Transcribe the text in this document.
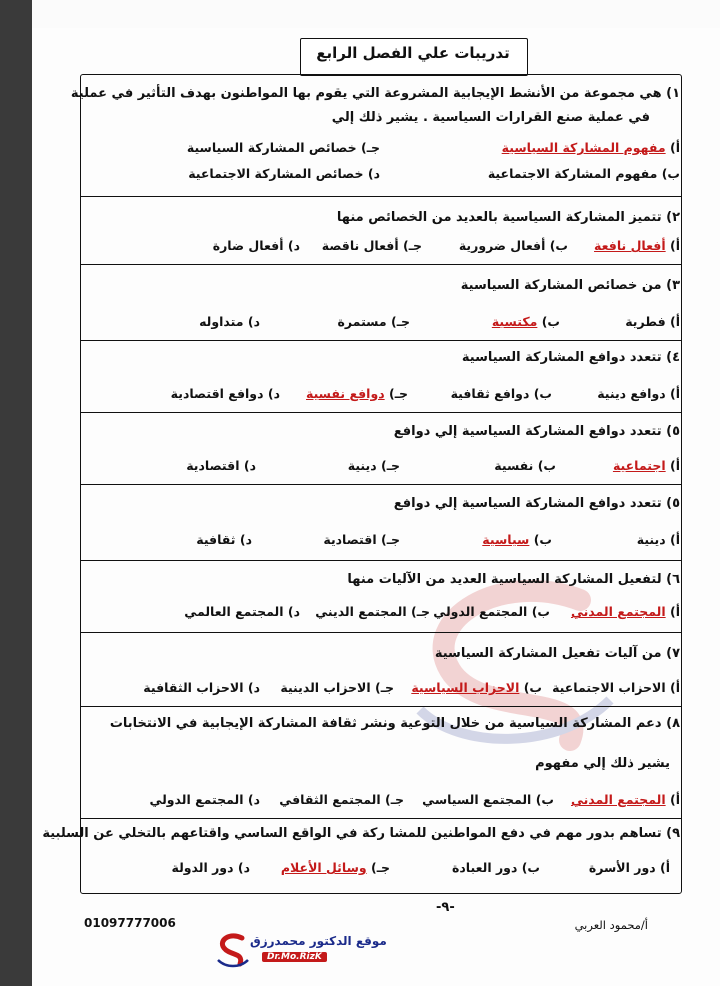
تدريبات علي الفصل الرابع
١) هي مجموعة من الأنشط الإيجابية المشروعة التي يقوم بها المواطنون بهدف التأثير في عملية
في عملية صنع القرارات السياسية . يشير ذلك إلي
أ) مفهوم المشاركة السياسية
جـ) خصائص المشاركة السياسية
ب) مفهوم المشاركة الاجتماعية
د) خصائص المشاركة الاجتماعية
٢) تتميز المشاركة السياسية بالعديد من الخصائص منها
أ) أفعال نافعة
ب) أفعال ضرورية
جـ) أفعال ناقصة
د) أفعال ضارة
٣) من خصائص المشاركة السياسية
أ) فطرية
ب) مكتسبة
جـ) مستمرة
د) متداوله
٤) تتعدد دوافع المشاركة السياسية
أ) دوافع دينية
ب) دوافع ثقافية
جـ) دوافع نفسية
د) دوافع اقتصادية
٥) تتعدد دوافع المشاركة السياسية إلي دوافع
أ) اجتماعية
ب) نفسية
جـ) دينية
د) اقتصادية
٥) تتعدد دوافع المشاركة السياسية إلي دوافع
أ) دينية
ب) سياسية
جـ) اقتصادية
د) ثقافية
٦) لتفعيل المشاركة السياسية العديد من الآليات منها
أ) المجتمع المدني
ب) المجتمع الدولي
جـ) المجتمع الديني
د) المجتمع العالمي
٧) من آليات تفعيل المشاركة السياسية
أ) الاحزاب الاجتماعية
ب) الاحزاب السياسية
جـ) الاحزاب الدينية
د) الاحزاب الثقافية
٨) دعم المشاركة السياسية من خلال التوعية ونشر ثقافة المشاركة الإيجابية في الانتخابات
يشير ذلك إلي مفهوم
أ) المجتمع المدني
ب) المجتمع السياسي
جـ) المجتمع الثقافي
د) المجتمع الدولي
٩) تساهم بدور مهم في دفع المواطنين للمشا ركة في الواقع الساسي واقتاعهم بالتخلي عن السلبية
أ) دور الأسرة
ب) دور العبادة
جـ) وسائل الأعلام
د) دور الدولة
-٩-
01097777006	أ/محمود العربي
موقع الدكتور محمدرزق
Dr.Mo.RizK
